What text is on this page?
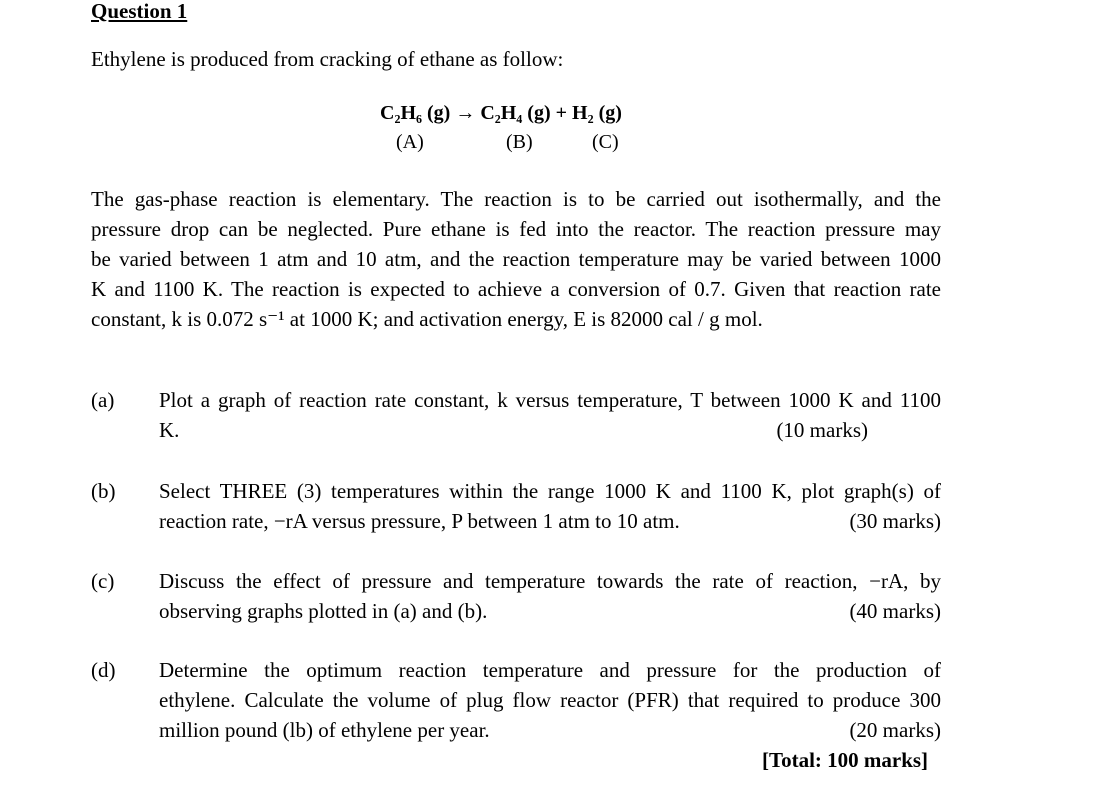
Question 1
Ethylene is produced from cracking of ethane as follow:
C₂H₆ (g) → C₂H₄ (g) + H₂ (g)
(A)	(B)	(C)
The gas-phase reaction is elementary. The reaction is to be carried out isothermally, and the
pressure drop can be neglected. Pure ethane is fed into the reactor. The reaction pressure may
be varied between 1 atm and 10 atm, and the reaction temperature may be varied between 1000
K and 1100 K. The reaction is expected to achieve a conversion of 0.7. Given that reaction rate
constant, k is 0.072 s⁻¹ at 1000 K; and activation energy, E is 82000 cal / g mol.
(a) Plot a graph of reaction rate constant, k versus temperature, T between 1000 K and 1100
K.	(10 marks)
(b) Select THREE (3) temperatures within the range 1000 K and 1100 K, plot graph(s) of
reaction rate, −rA versus pressure, P between 1 atm to 10 atm.	(30 marks)
(c) Discuss the effect of pressure and temperature towards the rate of reaction, −rA, by
observing graphs plotted in (a) and (b).	(40 marks)
(d) Determine the optimum reaction temperature and pressure for the production of
ethylene. Calculate the volume of plug flow reactor (PFR) that required to produce 300
million pound (lb) of ethylene per year.	(20 marks)
[Total: 100 marks]
